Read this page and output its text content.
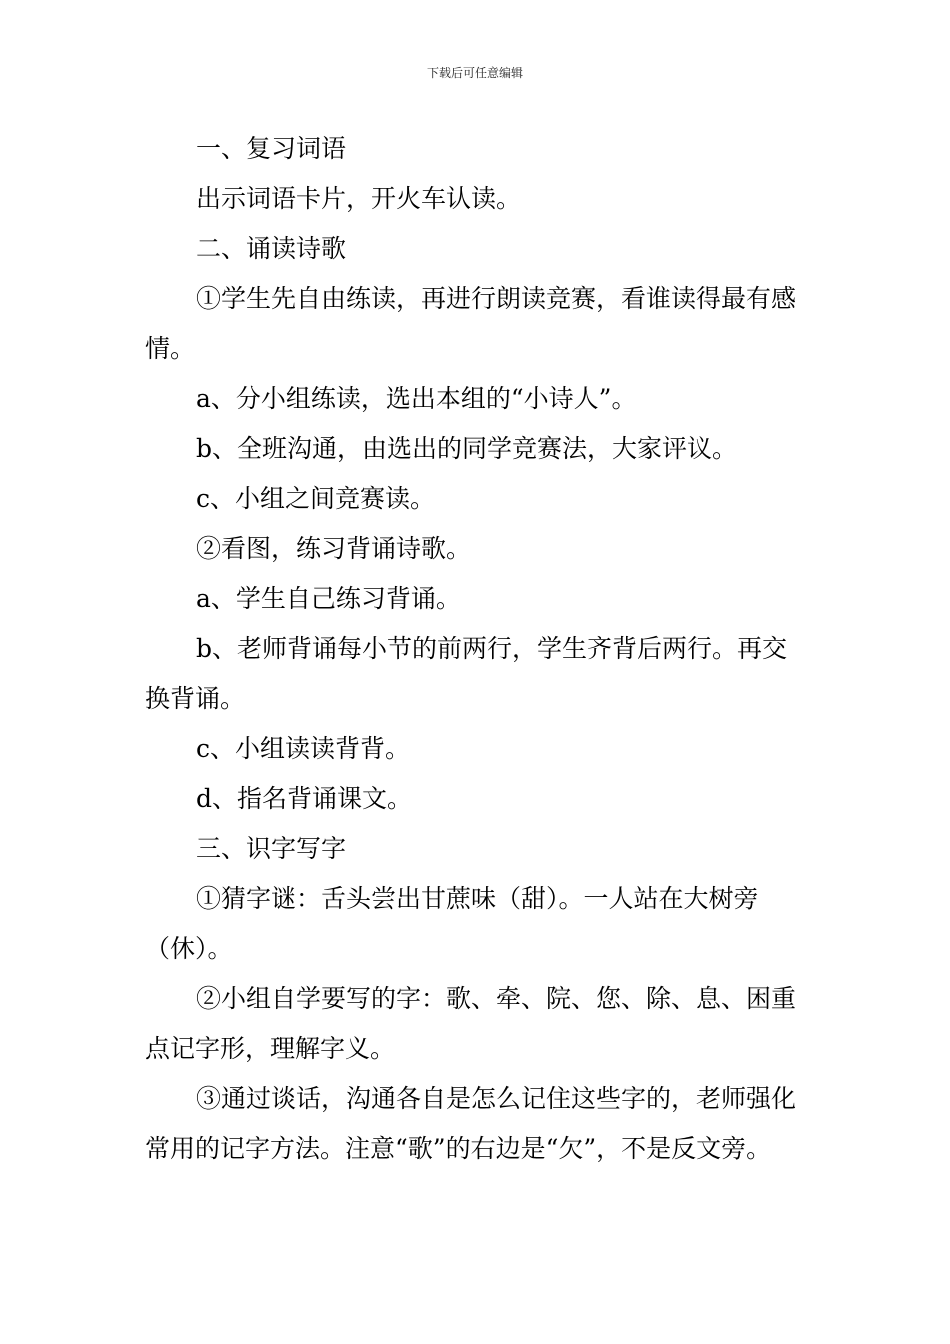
下载后可任意编辑

一、复习词语

出示词语卡片，开火车认读。

二、诵读诗歌

①学生先自由练读，再进行朗读竞赛，看谁读得最有感情。

a、分小组练读，选出本组的“小诗人”。

b、全班沟通，由选出的同学竞赛法，大家评议。

c、小组之间竞赛读。

②看图，练习背诵诗歌。

a、学生自己练习背诵。

b、老师背诵每小节的前两行，学生齐背后两行。再交换背诵。

c、小组读读背背。

d、指名背诵课文。

三、识字写字

①猜字谜：舌头尝出甘蔗味（甜）。一人站在大树旁（休）。

②小组自学要写的字：歌、牵、院、您、除、息、困重点记字形，理解字义。

③通过谈话，沟通各自是怎么记住这些字的，老师强化常用的记字方法。注意“歌”的右边是“欠”，不是反文旁。
